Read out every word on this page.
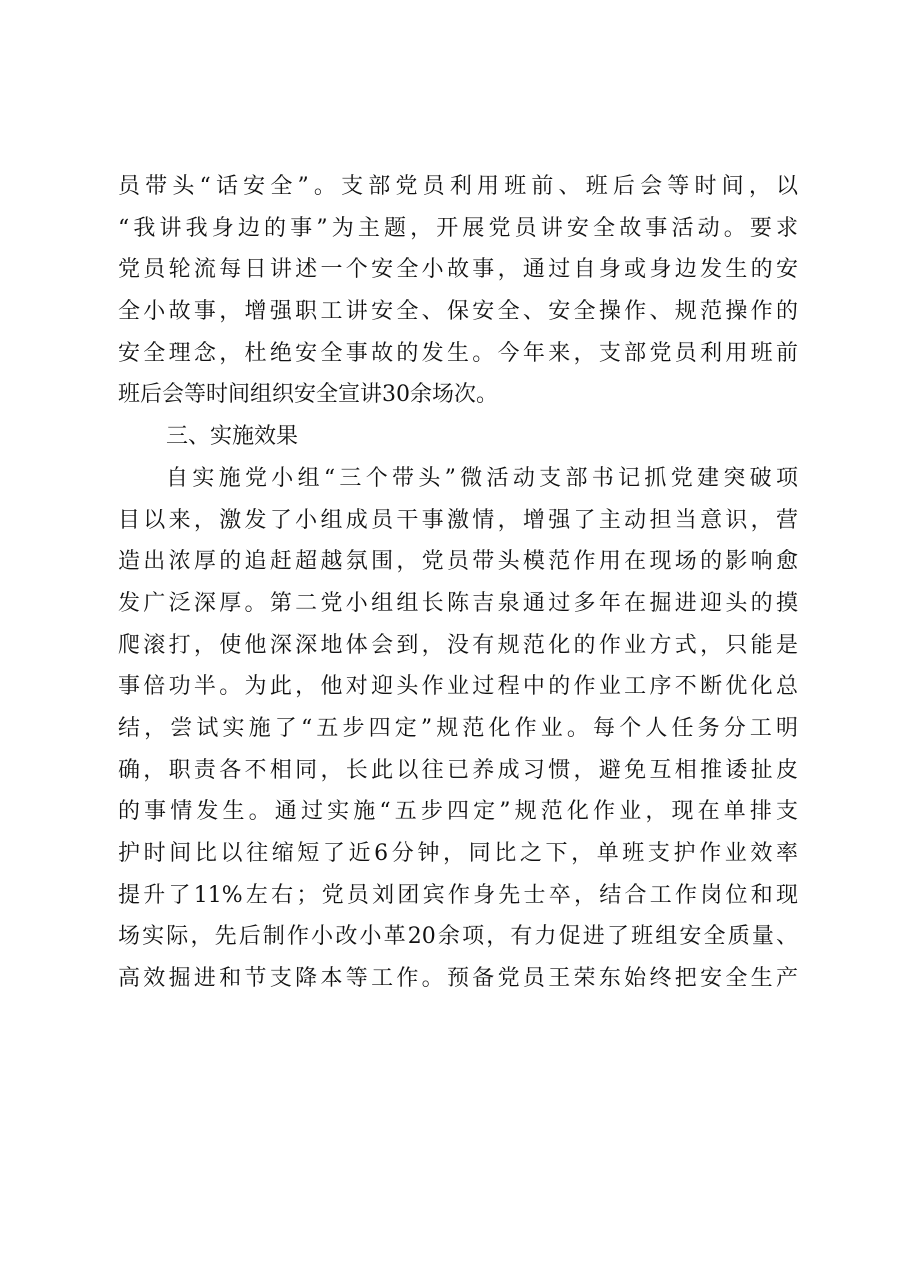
员带头“话安全”。支部党员利用班前、班后会等时间，以
“我讲我身边的事”为主题，开展党员讲安全故事活动。要求
党员轮流每日讲述一个安全小故事，通过自身或身边发生的安
全小故事，增强职工讲安全、保安全、安全操作、规范操作的
安全理念，杜绝安全事故的发生。今年来，支部党员利用班前
班后会等时间组织安全宣讲30余场次。
三、实施效果
自实施党小组“三个带头”微活动支部书记抓党建突破项
目以来，激发了小组成员干事激情，增强了主动担当意识，营
造出浓厚的追赶超越氛围，党员带头模范作用在现场的影响愈
发广泛深厚。第二党小组组长陈吉泉通过多年在掘进迎头的摸
爬滚打，使他深深地体会到，没有规范化的作业方式，只能是
事倍功半。为此，他对迎头作业过程中的作业工序不断优化总
结，尝试实施了“五步四定”规范化作业。每个人任务分工明
确，职责各不相同，长此以往已养成习惯，避免互相推诿扯皮
的事情发生。通过实施“五步四定”规范化作业，现在单排支
护时间比以往缩短了近6分钟，同比之下，单班支护作业效率
提升了11%左右；党员刘团宾作身先士卒，结合工作岗位和现
场实际，先后制作小改小革20余项，有力促进了班组安全质量、
高效掘进和节支降本等工作。预备党员王荣东始终把安全生产
